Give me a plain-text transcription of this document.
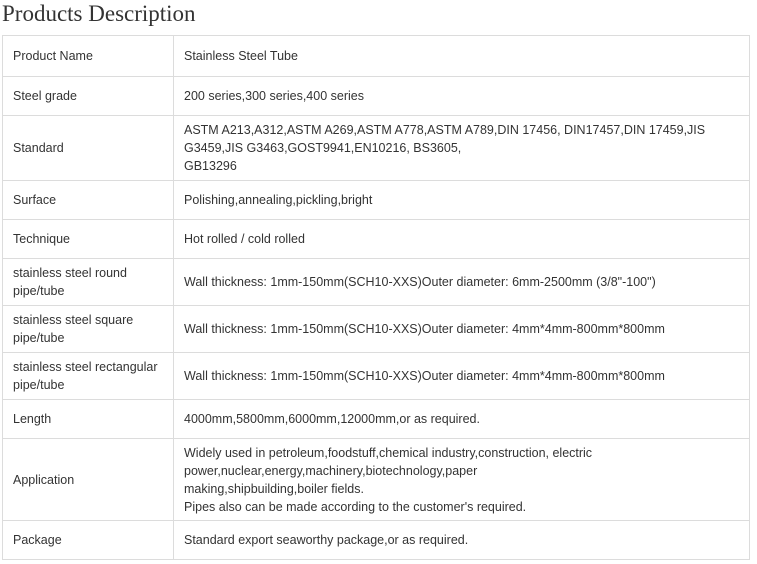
Products Description
Product Name	Stainless Steel Tube
Steel grade	200 series,300 series,400 series
Standard	ASTM A213,A312,ASTM A269,ASTM A778,ASTM A789,DIN 17456, DIN17457,DIN 17459,JIS
G3459,JIS G3463,GOST9941,EN10216, BS3605,
GB13296
Surface	Polishing,annealing,pickling,bright
Technique	Hot rolled / cold rolled
stainless steel round pipe/tube	Wall thickness: 1mm-150mm(SCH10-XXS)Outer diameter: 6mm-2500mm (3/8"-100")
stainless steel square pipe/tube	Wall thickness: 1mm-150mm(SCH10-XXS)Outer diameter: 4mm*4mm-800mm*800mm
stainless steel rectangular pipe/tube	Wall thickness: 1mm-150mm(SCH10-XXS)Outer diameter: 4mm*4mm-800mm*800mm
Length	4000mm,5800mm,6000mm,12000mm,or as required.
Application	Widely used in petroleum,foodstuff,chemical industry,construction, electric
power,nuclear,energy,machinery,biotechnology,paper
making,shipbuilding,boiler fields.
Pipes also can be made according to the customer's required.
Package	Standard export seaworthy package,or as required.
